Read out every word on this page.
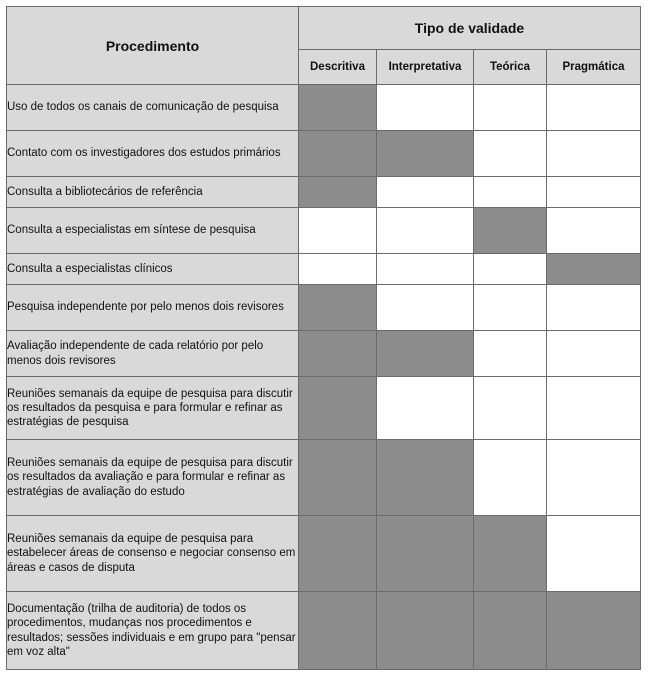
Procedimento	Tipo de validade			
	Descritiva	Interpretativa	Teórica	Pragmática
Uso de todos os canais de comunicação de pesquisa				
Contato com os investigadores dos estudos primários				
Consulta a bibliotecários de referência				
Consulta a especialistas em síntese de pesquisa				
Consulta a especialistas clínicos				
Pesquisa independente por pelo menos dois revisores				
Avaliação independente de cada relatório por pelo menos dois revisores				
Reuniões semanais da equipe de pesquisa para discutir os resultados da pesquisa e para formular e refinar as estratégias de pesquisa				
Reuniões semanais da equipe de pesquisa para discutir os resultados da avaliação e para formular e refinar as estratégias de avaliação do estudo				
Reuniões semanais da equipe de pesquisa para estabelecer áreas de consenso e negociar consenso em áreas e casos de disputa				
Documentação (trilha de auditoria) de todos os procedimentos, mudanças nos procedimentos e resultados; sessões individuais e em grupo para "pensar em voz alta"				
